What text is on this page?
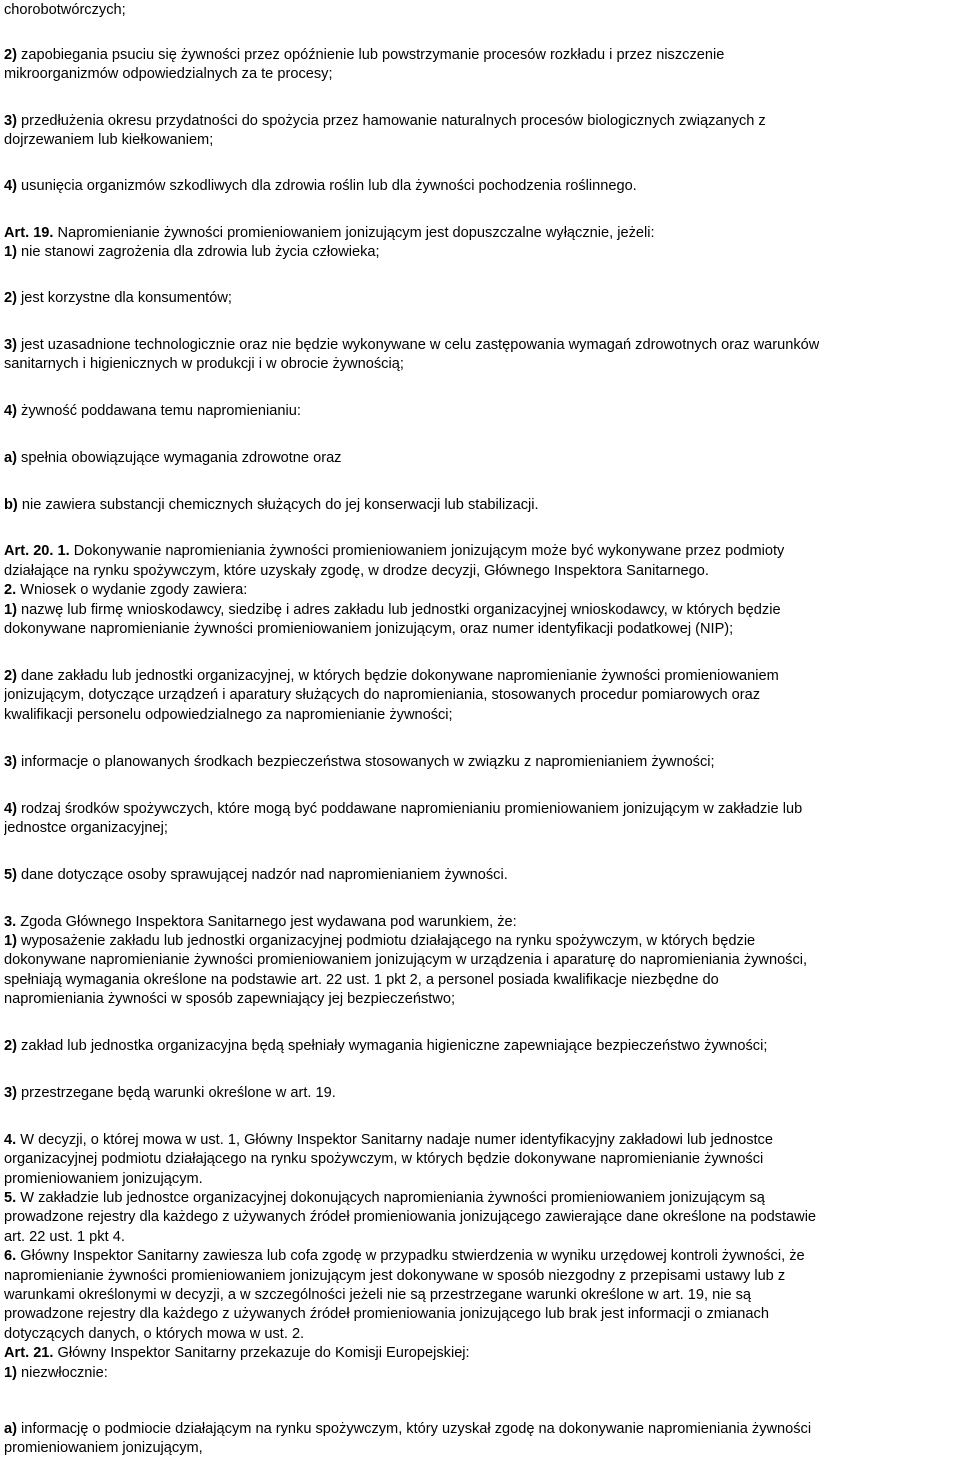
chorobotwórczych;
2) zapobiegania psuciu się żywności przez opóźnienie lub powstrzymanie procesów rozkładu i przez niszczenie
mikroorganizmów odpowiedzialnych za te procesy;
3) przedłużenia okresu przydatności do spożycia przez hamowanie naturalnych procesów biologicznych związanych z
dojrzewaniem lub kiełkowaniem;
4) usunięcia organizmów szkodliwych dla zdrowia roślin lub dla żywności pochodzenia roślinnego.
Art. 19. Napromienianie żywności promieniowaniem jonizującym jest dopuszczalne wyłącznie, jeżeli:
1) nie stanowi zagrożenia dla zdrowia lub życia człowieka;
2) jest korzystne dla konsumentów;
3) jest uzasadnione technologicznie oraz nie będzie wykonywane w celu zastępowania wymagań zdrowotnych oraz warunków
sanitarnych i higienicznych w produkcji i w obrocie żywnością;
4) żywność poddawana temu napromienianiu:
a) spełnia obowiązujące wymagania zdrowotne oraz
b) nie zawiera substancji chemicznych służących do jej konserwacji lub stabilizacji.
Art. 20. 1. Dokonywanie napromieniania żywności promieniowaniem jonizującym może być wykonywane przez podmioty
działające na rynku spożywczym, które uzyskały zgodę, w drodze decyzji, Głównego Inspektora Sanitarnego.
2. Wniosek o wydanie zgody zawiera:
1) nazwę lub firmę wnioskodawcy, siedzibę i adres zakładu lub jednostki organizacyjnej wnioskodawcy, w których będzie
dokonywane napromienianie żywności promieniowaniem jonizującym, oraz numer identyfikacji podatkowej (NIP);
2) dane zakładu lub jednostki organizacyjnej, w których będzie dokonywane napromienianie żywności promieniowaniem
jonizującym, dotyczące urządzeń i aparatury służących do napromieniania, stosowanych procedur pomiarowych oraz
kwalifikacji personelu odpowiedzialnego za napromienianie żywności;
3) informacje o planowanych środkach bezpieczeństwa stosowanych w związku z napromienianiem żywności;
4) rodzaj środków spożywczych, które mogą być poddawane napromienianiu promieniowaniem jonizującym w zakładzie lub
jednostce organizacyjnej;
5) dane dotyczące osoby sprawującej nadzór nad napromienianiem żywności.
3. Zgoda Głównego Inspektora Sanitarnego jest wydawana pod warunkiem, że:
1) wyposażenie zakładu lub jednostki organizacyjnej podmiotu działającego na rynku spożywczym, w których będzie
dokonywane napromienianie żywności promieniowaniem jonizującym w urządzenia i aparaturę do napromieniania żywności,
spełniają wymagania określone na podstawie art. 22 ust. 1 pkt 2, a personel posiada kwalifikacje niezbędne do
napromieniania żywności w sposób zapewniający jej bezpieczeństwo;
2) zakład lub jednostka organizacyjna będą spełniały wymagania higieniczne zapewniające bezpieczeństwo żywności;
3) przestrzegane będą warunki określone w art. 19.
4. W decyzji, o której mowa w ust. 1, Główny Inspektor Sanitarny nadaje numer identyfikacyjny zakładowi lub jednostce
organizacyjnej podmiotu działającego na rynku spożywczym, w których będzie dokonywane napromienianie żywności
promieniowaniem jonizującym.
5. W zakładzie lub jednostce organizacyjnej dokonujących napromieniania żywności promieniowaniem jonizującym są
prowadzone rejestry dla każdego z używanych źródeł promieniowania jonizującego zawierające dane określone na podstawie
art. 22 ust. 1 pkt 4.
6. Główny Inspektor Sanitarny zawiesza lub cofa zgodę w przypadku stwierdzenia w wyniku urzędowej kontroli żywności, że
napromienianie żywności promieniowaniem jonizującym jest dokonywane w sposób niezgodny z przepisami ustawy lub z
warunkami określonymi w decyzji, a w szczególności jeżeli nie są przestrzegane warunki określone w art. 19, nie są
prowadzone rejestry dla każdego z używanych źródeł promieniowania jonizującego lub brak jest informacji o zmianach
dotyczących danych, o których mowa w ust. 2.
Art. 21. Główny Inspektor Sanitarny przekazuje do Komisji Europejskiej:
1) niezwłocznie:
a) informację o podmiocie działającym na rynku spożywczym, który uzyskał zgodę na dokonywanie napromieniania żywności
promieniowaniem jonizującym,
